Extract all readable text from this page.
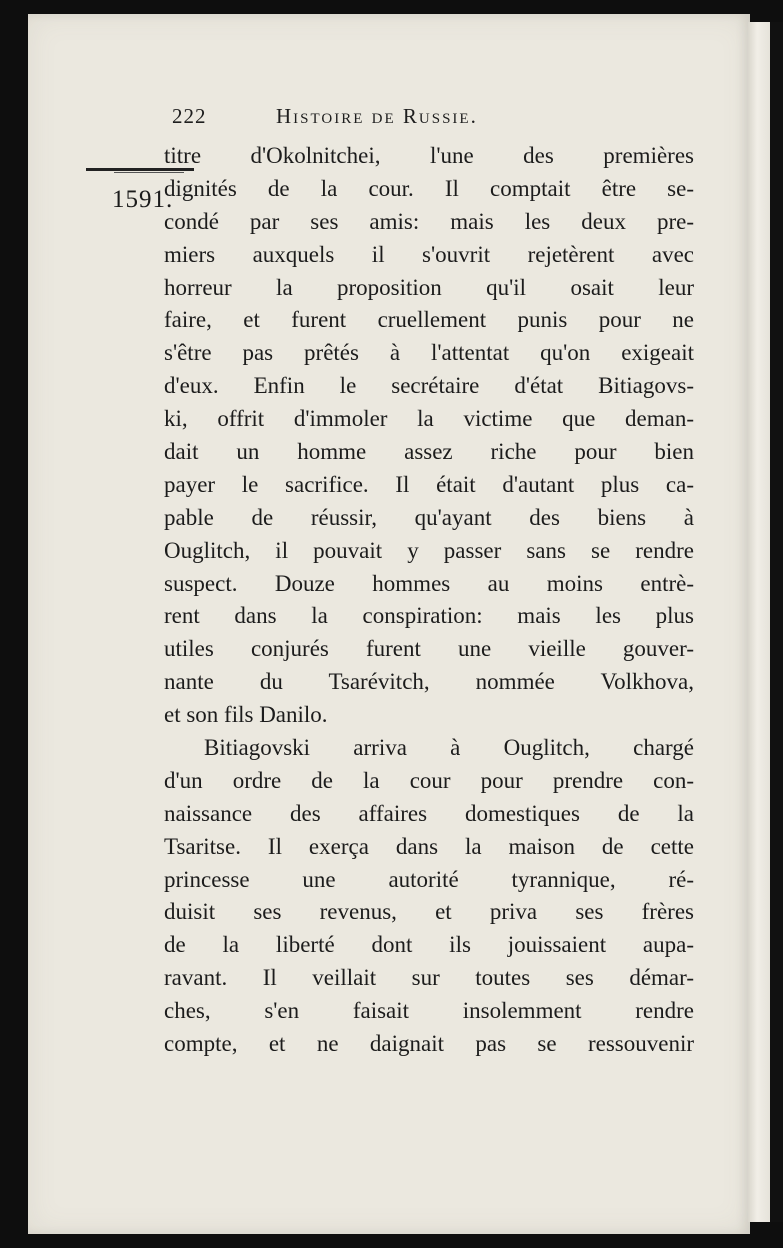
222	Histoire de Russie.
1591.
titre d'Okolnitchei, l'une des premières
dignités de la cour. Il comptait être se-
condé par ses amis: mais les deux pre-
miers auxquels il s'ouvrit rejetèrent avec
horreur la proposition qu'il osait leur
faire, et furent cruellement punis pour ne
s'être pas prêtés à l'attentat qu'on exigeait
d'eux. Enfin le secrétaire d'état Bitiagovs-
ki, offrit d'immoler la victime que deman-
dait un homme assez riche pour bien
payer le sacrifice. Il était d'autant plus ca-
pable de réussir, qu'ayant des biens à
Ouglitch, il pouvait y passer sans se rendre
suspect. Douze hommes au moins entrè-
rent dans la conspiration: mais les plus
utiles conjurés furent une vieille gouver-
nante du Tsarévitch, nommée Volkhova,
et son fils Danilo.
Bitiagovski arriva à Ouglitch, chargé
d'un ordre de la cour pour prendre con-
naissance des affaires domestiques de la
Tsaritse. Il exerça dans la maison de cette
princesse une autorité tyrannique, ré-
duisit ses revenus, et priva ses frères
de la liberté dont ils jouissaient aupa-
ravant. Il veillait sur toutes ses démar-
ches, s'en faisait insolemment rendre
compte, et ne daignait pas se ressouvenir
